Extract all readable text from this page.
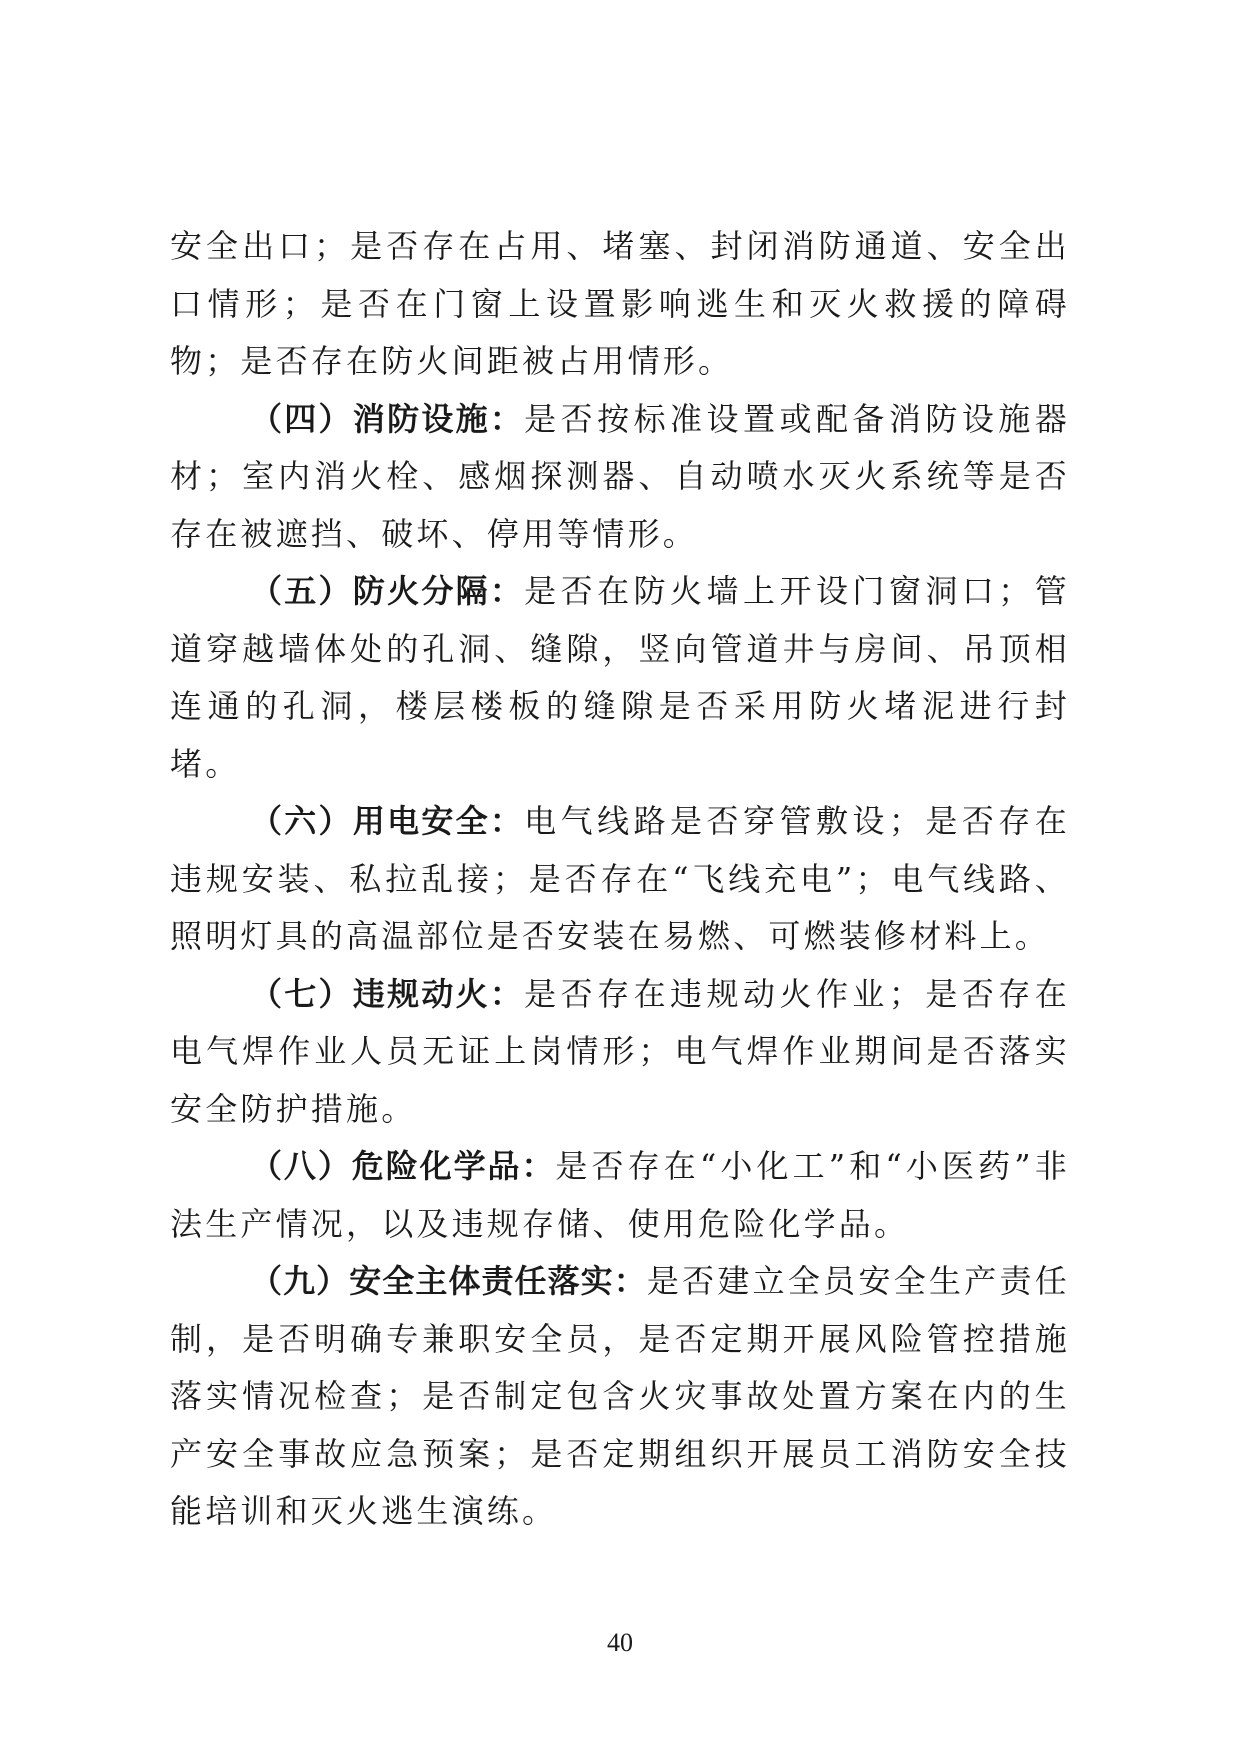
安全出口；是否存在占用、堵塞、封闭消防通道、安全出口情形；是否在门窗上设置影响逃生和灭火救援的障碍物；是否存在防火间距被占用情形。

（四）消防设施：是否按标准设置或配备消防设施器材；室内消火栓、感烟探测器、自动喷水灭火系统等是否存在被遮挡、破坏、停用等情形。

（五）防火分隔：是否在防火墙上开设门窗洞口；管道穿越墙体处的孔洞、缝隙，竖向管道井与房间、吊顶相连通的孔洞，楼层楼板的缝隙是否采用防火堵泥进行封堵。

（六）用电安全：电气线路是否穿管敷设；是否存在违规安装、私拉乱接；是否存在“飞线充电”；电气线路、照明灯具的高温部位是否安装在易燃、可燃装修材料上。

（七）违规动火：是否存在违规动火作业；是否存在电气焊作业人员无证上岗情形；电气焊作业期间是否落实安全防护措施。

（八）危险化学品：是否存在“小化工”和“小医药”非法生产情况，以及违规存储、使用危险化学品。

（九）安全主体责任落实：是否建立全员安全生产责任制，是否明确专兼职安全员，是否定期开展风险管控措施落实情况检查；是否制定包含火灾事故处置方案在内的生产安全事故应急预案；是否定期组织开展员工消防安全技能培训和灭火逃生演练。

40
